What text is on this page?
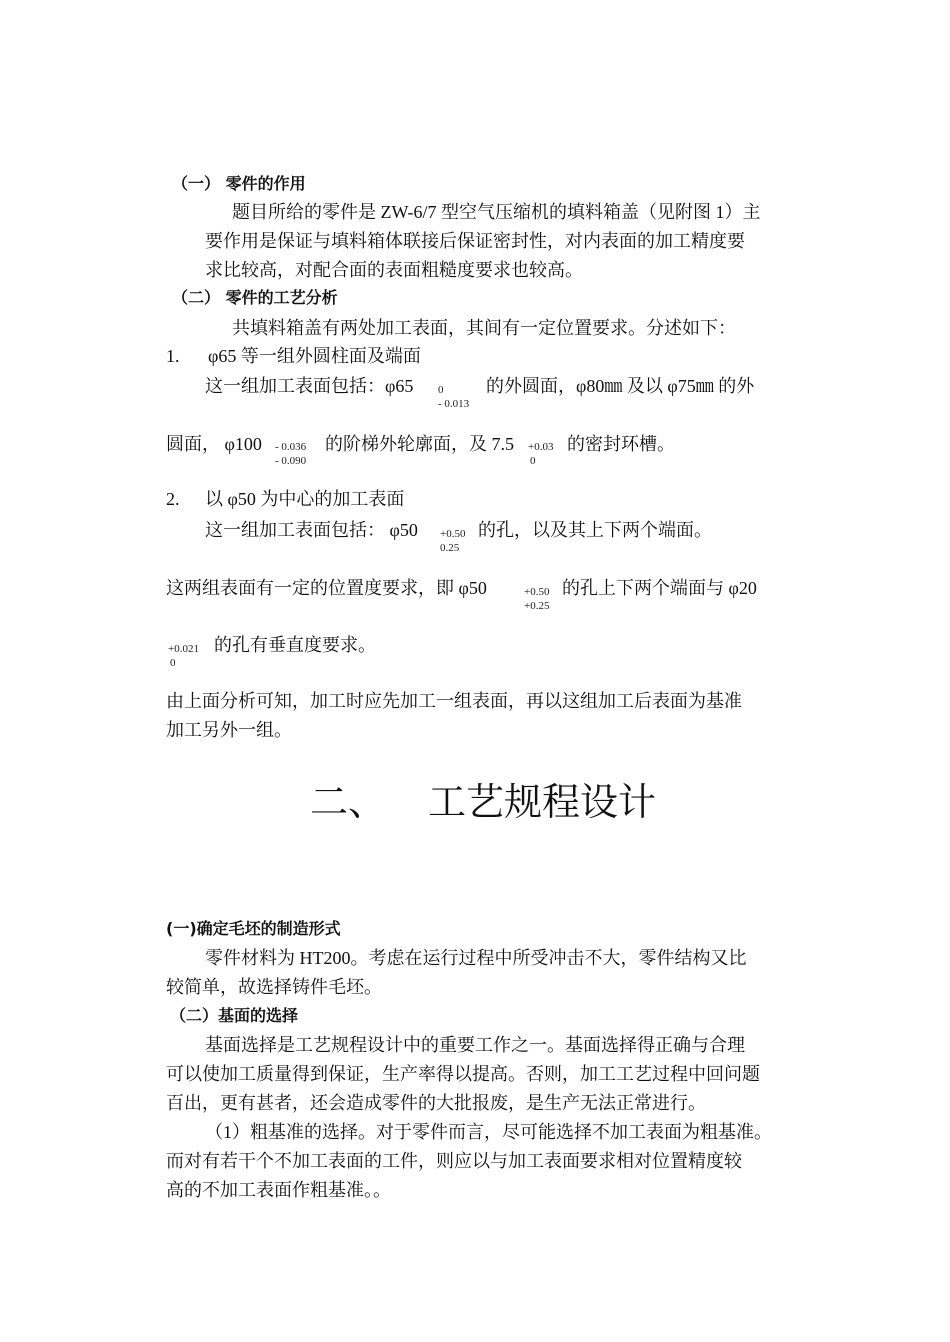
（一） 零件的作用
题目所给的零件是 ZW-6/7 型空气压缩机的填料箱盖（见附图 1）主
要作用是保证与填料箱体联接后保证密封性，对内表面的加工精度要
求比较高，对配合面的表面粗糙度要求也较高。
（二） 零件的工艺分析
共填料箱盖有两处加工表面，其间有一定位置要求。分述如下：
1. φ65 等一组外圆柱面及端面
这一组加工表面包括：φ65 0
- 0.013
的外圆面，φ80㎜ 及以 φ75㎜ 的外
圆面， φ100 - 0.036
- 0.090
的阶梯外轮廓面，及 7.5 +0.03
0
的密封环槽。
2. 以 φ50 为中心的加工表面
这一组加工表面包括： φ50 +0.50
0.25
的孔，以及其上下两个端面。
这两组表面有一定的位置度要求，即 φ50	+0.50
+0.25
的孔上下两个端面与 φ20
+0.021
0
的孔有垂直度要求。
由上面分析可知，加工时应先加工一组表面，再以这组加工后表面为基准
加工另外一组。
二、 工艺规程设计
(一)确定毛坯的制造形式
零件材料为 HT200。考虑在运行过程中所受冲击不大，零件结构又比
较简单，故选择铸件毛坯。
（二）基面的选择
基面选择是工艺规程设计中的重要工作之一。基面选择得正确与合理
可以使加工质量得到保证，生产率得以提高。否则，加工工艺过程中回问题
百出，更有甚者，还会造成零件的大批报废，是生产无法正常进行。
（1）粗基准的选择。对于零件而言，尽可能选择不加工表面为粗基准。
而对有若干个不加工表面的工件，则应以与加工表面要求相对位置精度较
高的不加工表面作粗基准。。
